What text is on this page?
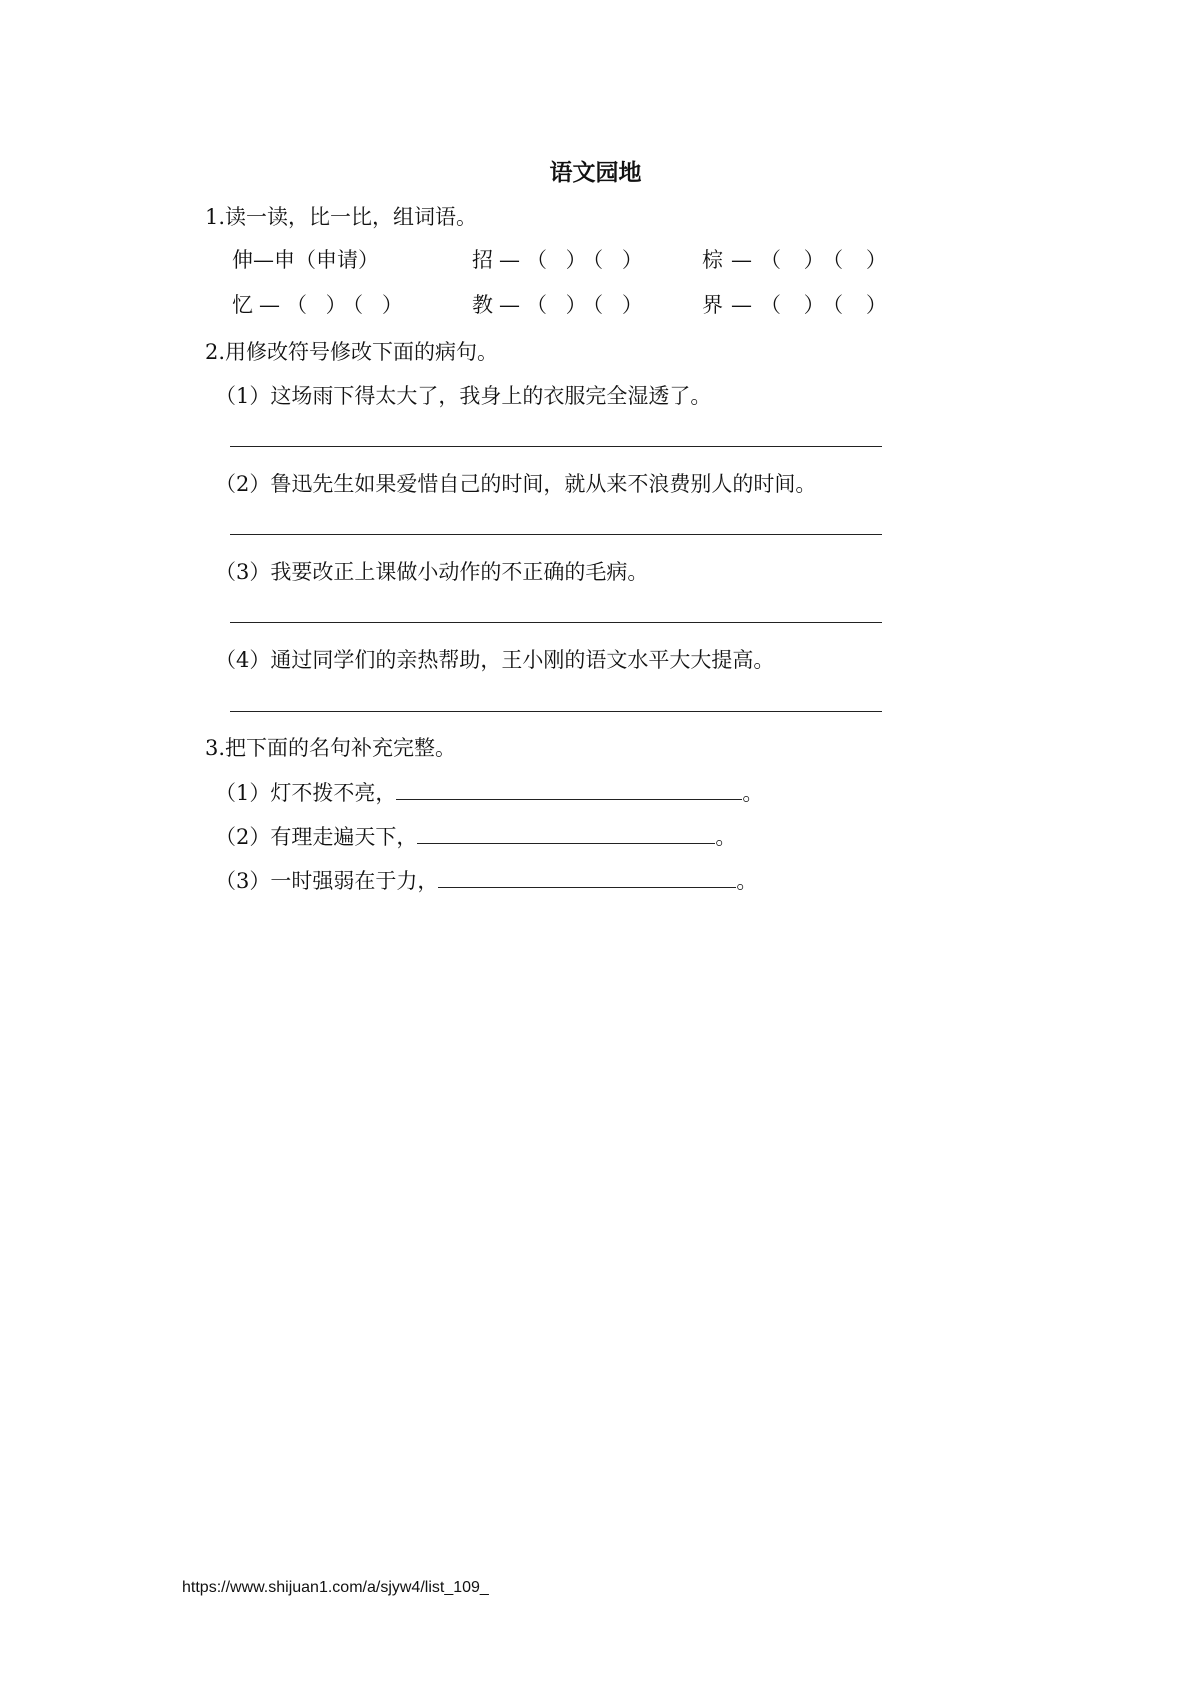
语文园地
1.读一读，比一比，组词语。
伸—申（申请）	招—（ ）（ ）	棕—（ ）（ ）
忆—（ ）（ ）	教—（ ）（ ）	界—（ ）（ ）
2.用修改符号修改下面的病句。
（1）这场雨下得太大了，我身上的衣服完全湿透了。
（2）鲁迅先生如果爱惜自己的时间，就从来不浪费别人的时间。
（3）我要改正上课做小动作的不正确的毛病。
（4）通过同学们的亲热帮助，王小刚的语文水平大大提高。
3.把下面的名句补充完整。
（1）灯不拨不亮，	。
（2）有理走遍天下，	。
（3）一时强弱在于力，	。
https://www.shijuan1.com/a/sjyw4/list_109_
